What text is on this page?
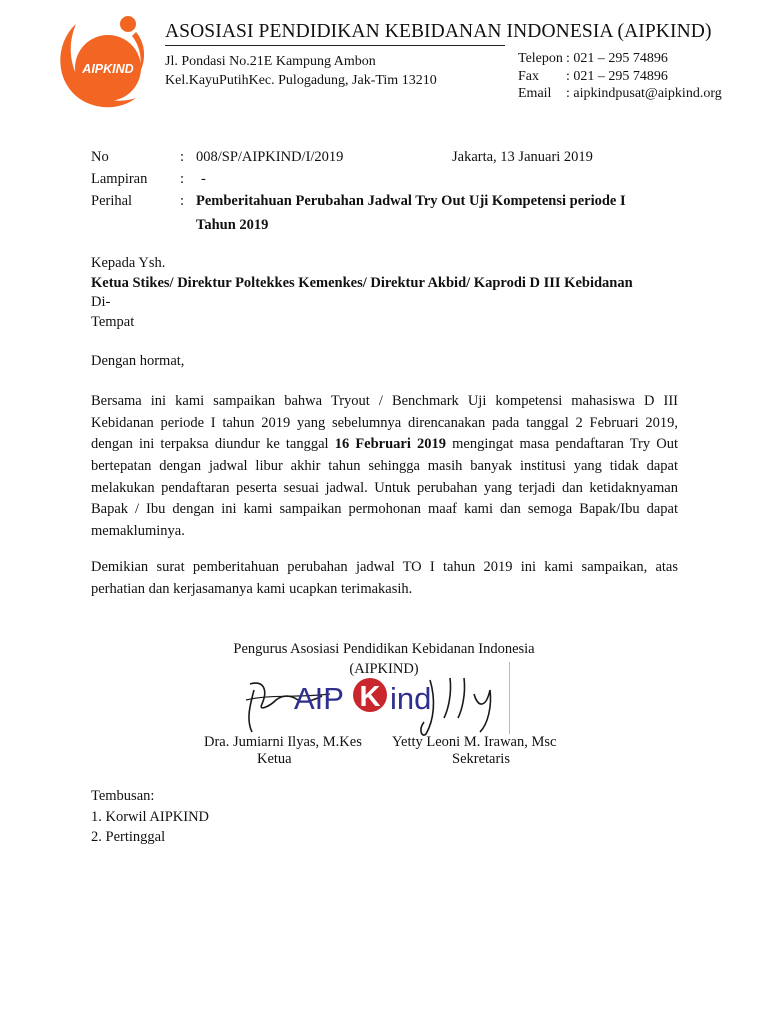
AIPKIND
ASOSIASI PENDIDIKAN KEBIDANAN INDONESIA (AIPKIND)
Jl. Pondasi No.21E Kampung Ambon
Kel.KayuPutihKec. Pulogadung, Jak-Tim 13210
Telepon : 021 – 295 74896
Fax : 021 – 295 74896
Email : aipkindpusat@aipkind.org
No	: 008/SP/AIPKIND/I/2019	Jakarta, 13 Januari 2019
Lampiran : -
Perihal	: Pemberitahuan Perubahan Jadwal Try Out Uji Kompetensi periode I
Tahun 2019
Kepada Ysh.
Ketua Stikes/ Direktur Poltekkes Kemenkes/ Direktur Akbid/ Kaprodi D III Kebidanan
Di-
Tempat
Dengan hormat,
Bersama ini kami sampaikan bahwa Tryout / Benchmark Uji kompetensi mahasiswa D III
Kebidanan periode I tahun 2019 yang sebelumnya direncanakan pada tanggal 2 Februari 2019,
dengan ini terpaksa diundur ke tanggal 16 Februari 2019 mengingat masa pendaftaran Try Out
bertepatan dengan jadwal libur akhir tahun sehingga masih banyak institusi yang tidak dapat
melakukan pendaftaran peserta sesuai jadwal. Untuk perubahan yang terjadi dan ketidaknyaman
Bapak / Ibu dengan ini kami sampaikan permohonan maaf kami dan semoga Bapak/Ibu dapat
memakluminya.
Demikian surat pemberitahuan perubahan jadwal TO I tahun 2019 ini kami sampaikan, atas
perhatian dan kerjasamanya kami ucapkan terimakasih.
Pengurus Asosiasi Pendidikan Kebidanan Indonesia
(AIPKIND)
AIP K ind
Dra. Jumiarni Ilyas, M.Kes
Ketua
Yetty Leoni M. Irawan, Msc
Sekretaris
Tembusan:
1. Korwil AIPKIND
2. Pertinggal
